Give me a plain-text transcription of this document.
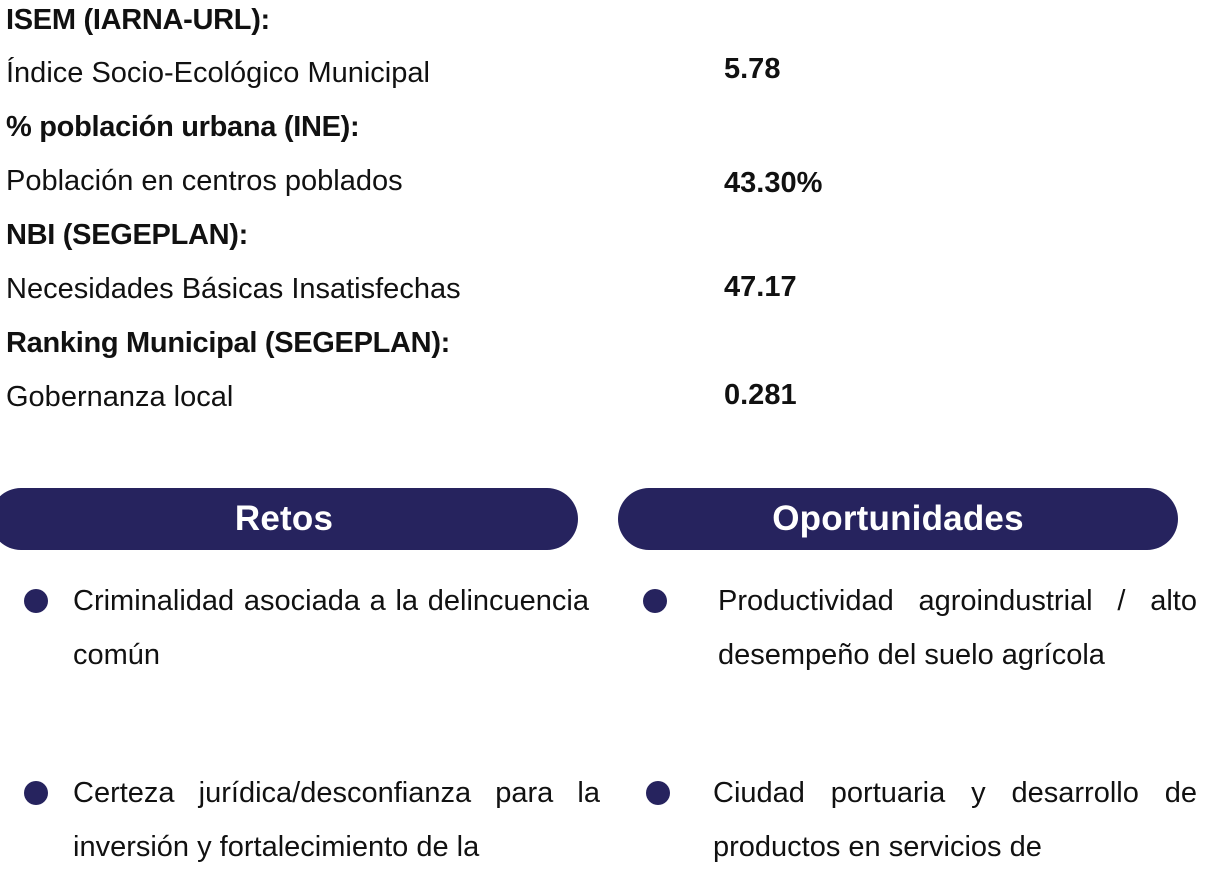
ISEM (IARNA-URL):
Índice Socio-Ecológico Municipal	5.78
% población urbana (INE):
Población en centros poblados	43.30%
NBI (SEGEPLAN):
Necesidades Básicas Insatisfechas	47.17
Ranking Municipal (SEGEPLAN):
Gobernanza local	0.281
Retos	Oportunidades
Criminalidad asociada a la delincuencia común
Certeza jurídica/desconfianza para la inversión y fortalecimiento de la
Productividad agroindustrial / alto desempeño del suelo agrícola
Ciudad portuaria y desarrollo de productos en servicios de
